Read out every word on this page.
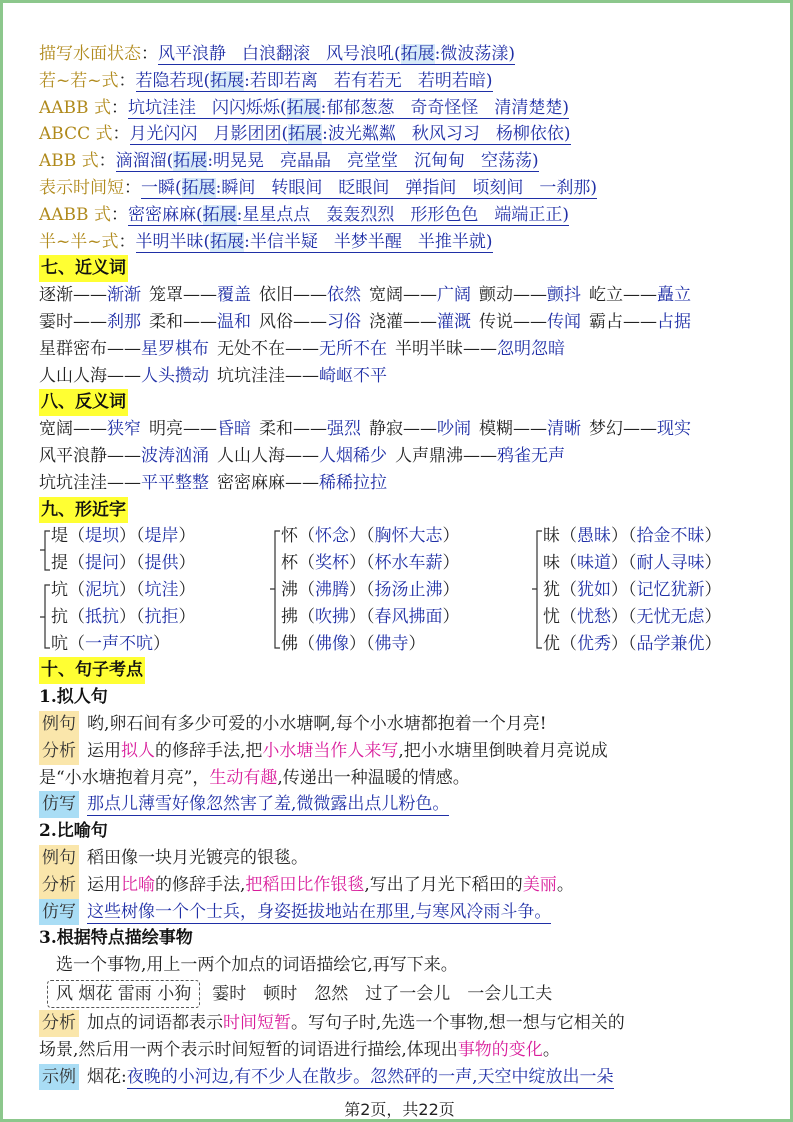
描写水面状态：风平浪静 白浪翻滚 风号浪吼(拓展:微波荡漾)
若~若~式：若隐若现(拓展:若即若离 若有若无 若明若暗)
AABB 式：坑坑洼洼 闪闪烁烁(拓展:郁郁葱葱 奇奇怪怪 清清楚楚)
ABCC 式：月光闪闪 月影团团(拓展:波光粼粼 秋风习习 杨柳依依)
ABB 式：滴溜溜(拓展:明晃晃 亮晶晶 亮堂堂 沉甸甸 空荡荡)
表示时间短：一瞬(拓展:瞬间 转眼间 眨眼间 弹指间 顷刻间 一刹那)
AABB 式：密密麻麻(拓展:星星点点 轰轰烈烈 形形色色 端端正正)
半~半~式：半明半昧(拓展:半信半疑 半梦半醒 半推半就)
七、近义词
逐渐——渐渐 笼罩——覆盖 依旧——依然 宽阔——广阔 颤动——颤抖 屹立——矗立
霎时——刹那 柔和——温和 风俗——习俗 浇灌——灌溉 传说——传闻 霸占——占据
星群密布——星罗棋布 无处不在——无所不在 半明半昧——忽明忽暗
人山人海——人头攒动 坑坑洼洼——崎岖不平
八、反义词
宽阔——狭窄 明亮——昏暗 柔和——强烈 静寂——吵闹 模糊——清晰 梦幻——现实
风平浪静——波涛汹涌 人山人海——人烟稀少 人声鼎沸——鸦雀无声
坑坑洼洼——平平整整 密密麻麻——稀稀拉拉
九、形近字
堤（堤坝）（堤岸）
提（提问）（提供）
坑（泥坑）（坑洼）
抗（抵抗）（抗拒）
吭（一声不吭）
怀（怀念）（胸怀大志）
杯（奖杯）（杯水车薪）
沸（沸腾）（扬汤止沸）
拂（吹拂）（春风拂面）
佛（佛像）（佛寺）
昧（愚昧）（拾金不昧）
味（味道）（耐人寻味）
犹（犹如）（记忆犹新）
忧（忧愁）（无忧无虑）
优（优秀）（品学兼优）
十、句子考点
1.拟人句
例句 哟,卵石间有多少可爱的小水塘啊,每个小水塘都抱着一个月亮!
分析 运用拟人的修辞手法,把小水塘当作人来写,把小水塘里倒映着月亮说成
是“小水塘抱着月亮”，生动有趣,传递出一种温暖的情感。
仿写 那点儿薄雪好像忽然害了羞,微微露出点儿粉色。
2.比喻句
例句 稻田像一块月光镀亮的银毯。
分析 运用比喻的修辞手法,把稻田比作银毯,写出了月光下稻田的美丽。
仿写 这些树像一个个士兵，身姿挺拔地站在那里,与寒风冷雨斗争。
3.根据特点描绘事物
选一个事物,用上一两个加点的词语描绘它,再写下来。
风 烟花 雷雨 小狗 霎时　顿时　忽然　过了一会儿　一会儿工夫
分析 加点的词语都表示时间短暂。写句子时,先选一个事物,想一想与它相关的
场景,然后用一两个表示时间短暂的词语进行描绘,体现出事物的变化。
示例 烟花:夜晚的小河边,有不少人在散步。忽然砰的一声,天空中绽放出一朵
第2页，共22页
